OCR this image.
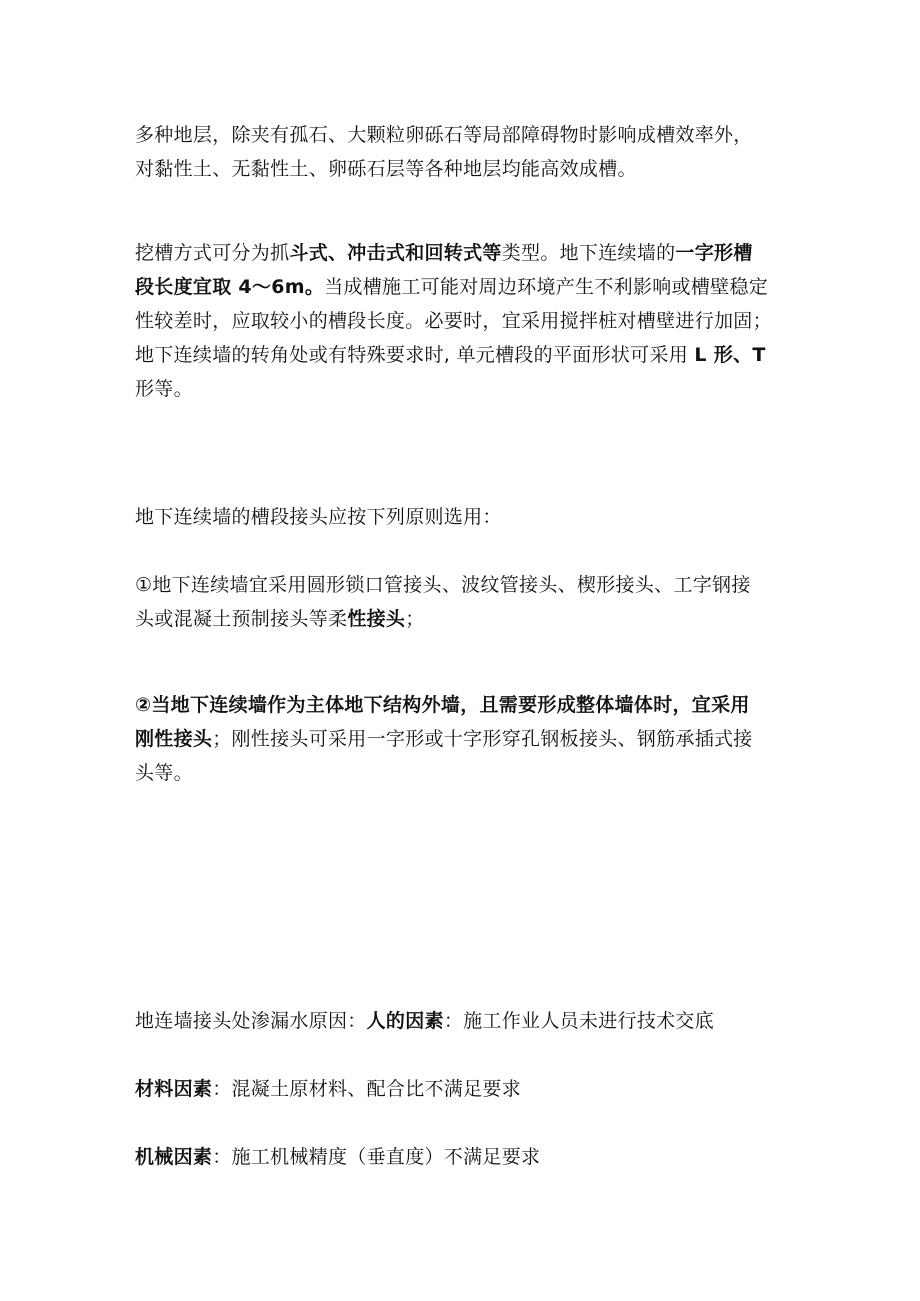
多种地层，除夹有孤石、大颗粒卵砾石等局部障碍物时影响成槽效率外，
对黏性土、无黏性土、卵砾石层等各种地层均能高效成槽。

挖槽方式可分为抓斗式、冲击式和回转式等类型。地下连续墙的一字形槽
段长度宜取 4～6m。当成槽施工可能对周边环境产生不利影响或槽壁稳定
性较差时，应取较小的槽段长度。必要时，宜采用搅拌桩对槽壁进行加固；
地下连续墙的转角处或有特殊要求时, 单元槽段的平面形状可采用 L 形、T
形等。

地下连续墙的槽段接头应按下列原则选用：

①地下连续墙宜采用圆形锁口管接头、波纹管接头、楔形接头、工字钢接
头或混凝土预制接头等柔性接头；

②当地下连续墙作为主体地下结构外墙，且需要形成整体墙体时，宜采用
刚性接头；刚性接头可采用一字形或十字形穿孔钢板接头、钢筋承插式接
头等。

地连墙接头处渗漏水原因：人的因素：施工作业人员未进行技术交底

材料因素：混凝土原材料、配合比不满足要求

机械因素：施工机械精度（垂直度）不满足要求
